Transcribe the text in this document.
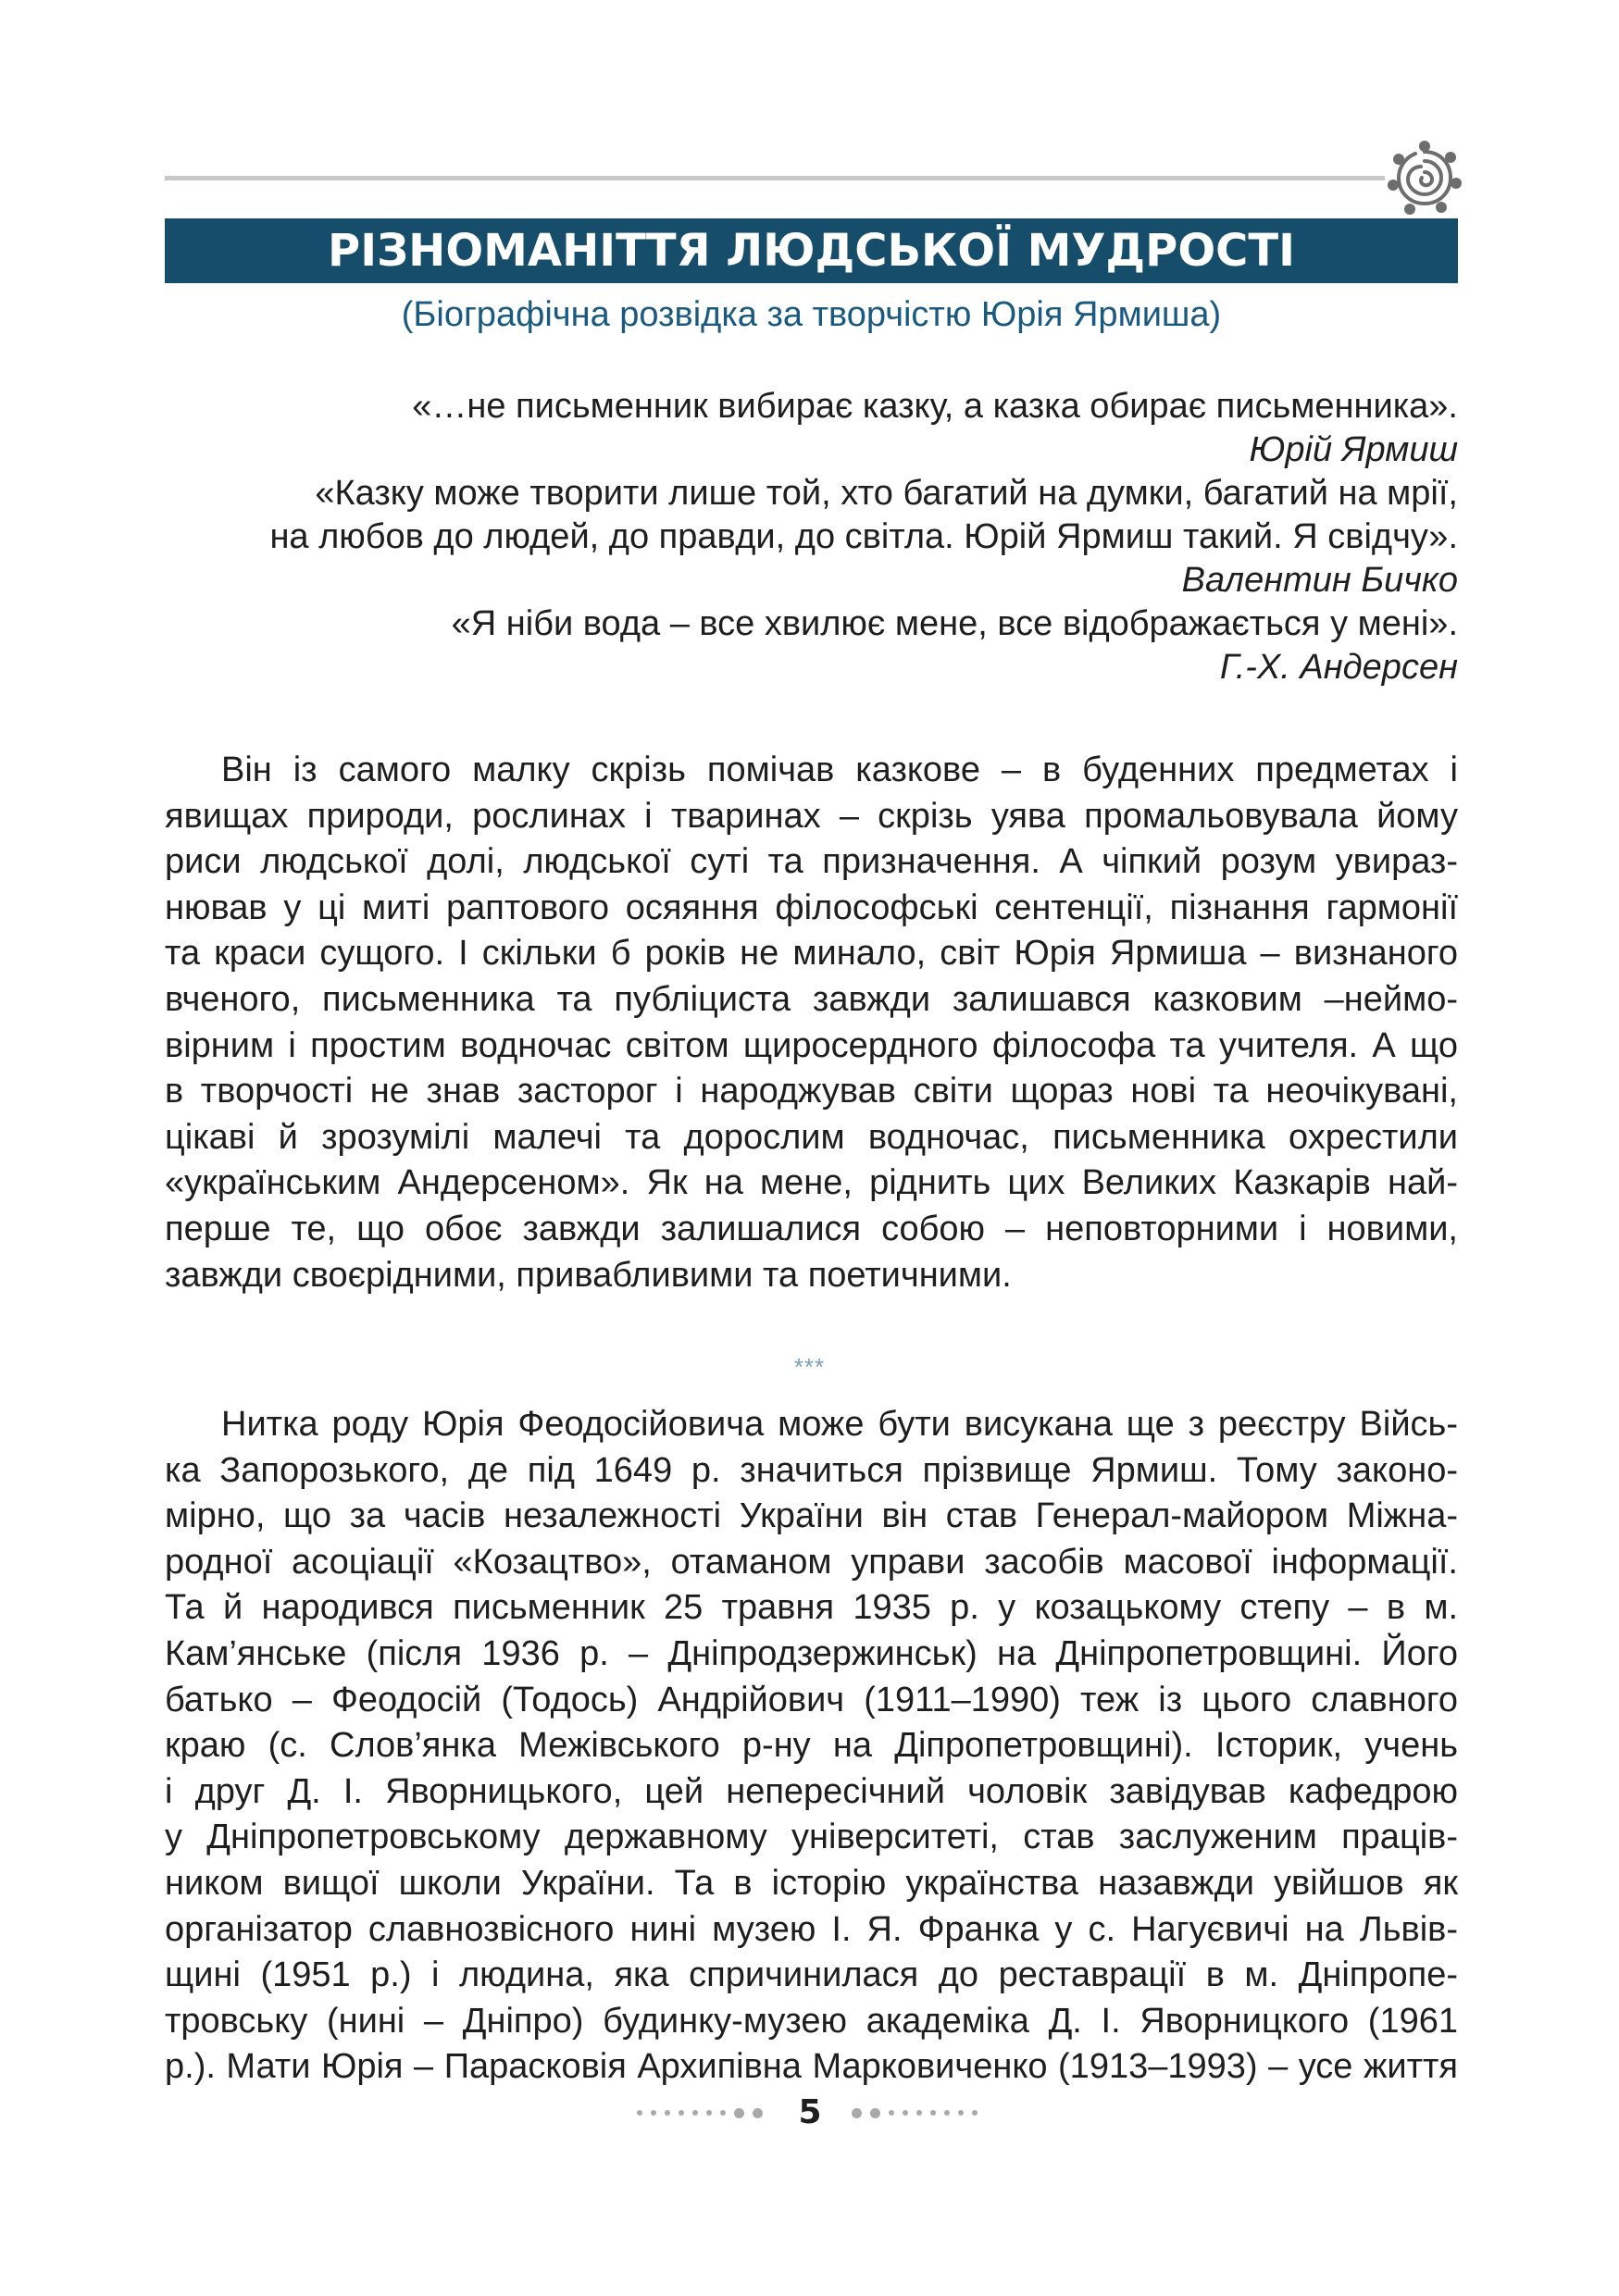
РІЗНОМАНІТТЯ ЛЮДСЬКОЇ МУДРОСТІ
(Біографічна розвідка за творчістю Юрія Ярмиша)
«…не письменник вибирає казку, а казка обирає письменника».
Юрій Ярмиш
«Казку може творити лише той, хто багатий на думки, багатий на мрії,
на любов до людей, до правди, до світла. Юрій Ярмиш такий. Я свідчу».
Валентин Бичко
«Я ніби вода – все хвилює мене, все відображається у мені».
Г.-Х. Андерсен
Він із самого малку скрізь помічав казкове – в буденних предметах і
явищах природи, рослинах і тваринах – скрізь уява промальовувала йому
риси людської долі, людської суті та призначення. А чіпкий розум увираз-
нював у ці миті раптового осяяння філософські сентенції, пізнання гармонії
та краси сущого. І скільки б років не минало, світ Юрія Ярмиша – визнаного
вченого, письменника та публіциста завжди залишався казковим –неймо-
вірним і простим водночас світом щиросердного філософа та учителя. А що
в творчості не знав засторог і народжував світи щораз нові та неочікувані,
цікаві й зрозумілі малечі та дорослим водночас, письменника охрестили
«українським Андерсеном». Як на мене, ріднить цих Великих Казкарів най-
перше те, що обоє завжди залишалися собою – неповторними і новими,
завжди своєрідними, привабливими та поетичними.
***
Нитка роду Юрія Феодосійовича може бути висукана ще з реєстру Війсь-
ка Запорозького, де під 1649 р. значиться прізвище Ярмиш. Тому законо-
мірно, що за часів незалежності України він став Генерал-майором Міжна-
родної асоціації «Козацтво», отаманом управи засобів масової інформації.
Та й народився письменник 25 травня 1935 р. у козацькому степу – в м.
Кам’янське (після 1936 р. – Дніпродзержинськ) на Дніпропетровщині. Його
батько – Феодосій (Тодось) Андрійович (1911–1990) теж із цього славного
краю (с. Слов’янка Межівського р-ну на Діпропетровщині). Історик, учень
і друг Д. І. Яворницького, цей непересічний чоловік завідував кафедрою
у Дніпропетровському державному університеті, став заслуженим праців-
ником вищої школи України. Та в історію українства назавжди увійшов як
організатор славнозвісного нині музею І. Я. Франка у с. Нагуєвичі на Львів-
щині (1951 р.) і людина, яка спричинилася до реставрації в м. Дніпропе-
тровську (нині – Дніпро) будинку-музею академіка Д. І. Яворницкого (1961
р.). Мати Юрія – Парасковія Архипівна Марковиченко (1913–1993) – усе життя
5
